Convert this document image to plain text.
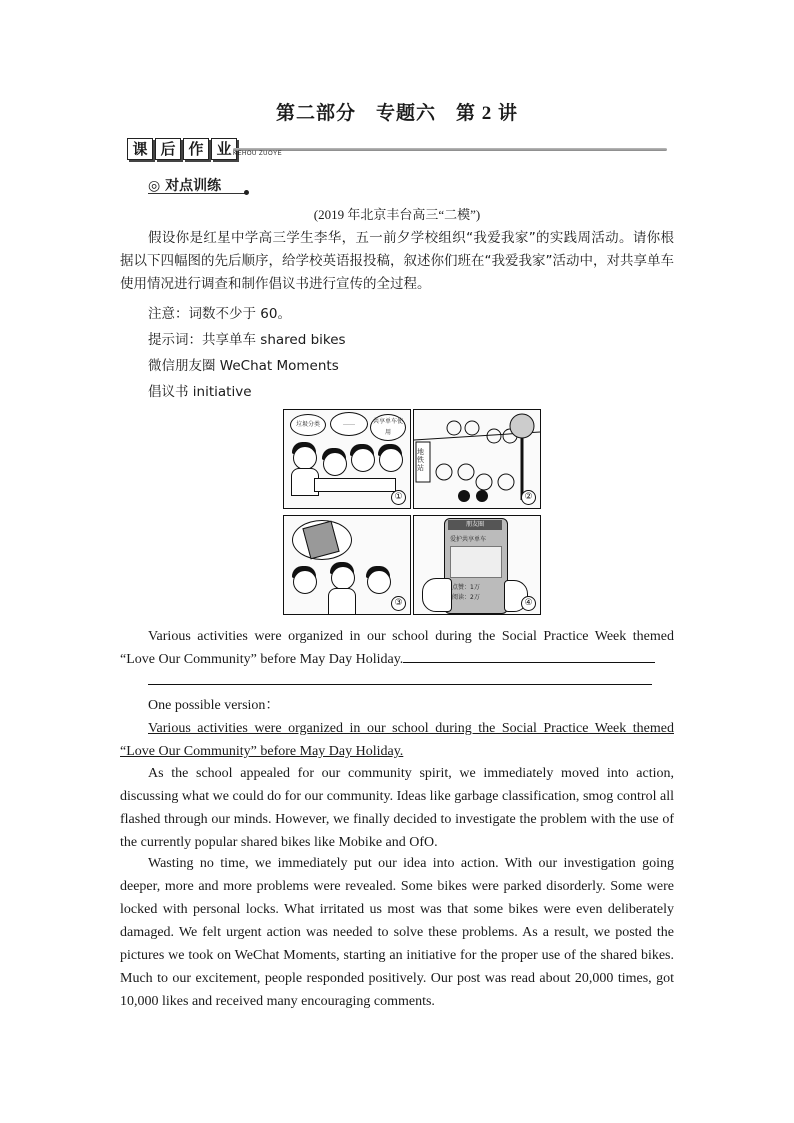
第二部分　专题六　第 2 讲
课 后 作 业 KEHOU ZUOYE
◎ 对点训练
(2019 年北京丰台高三“二模”)
假设你是红星中学高三学生李华，五一前夕学校组织“我爱我家”的实践周活动。请你根据以下四幅图的先后顺序，给学校英语报投稿，叙述你们班在“我爱我家”活动中，对共享单车使用情况进行调查和制作倡议书进行宣传的全过程。
注意：词数不少于 60。
提示词：共享单车 shared bikes
微信朋友圈 WeChat Moments
倡议书 initiative
垃圾分类	……	共享单车使用
①
地铁站
②
③
朋友圈
爱护共享单车
点赞：1万
阅读：2万
④
Various activities were organized in our school during the Social Practice Week themed “Love Our Community” before May Day Holiday.
One possible version：
Various activities were organized in our school during the Social Practice Week themed “Love Our Community” before May Day Holiday.
As the school appealed for our community spirit, we immediately moved into action, discussing what we could do for our community. Ideas like garbage classification, smog control all flashed through our minds. However, we finally decided to investigate the problem with the use of the currently popular shared bikes like Mobike and OfO.
Wasting no time, we immediately put our idea into action. With our investigation going deeper, more and more problems were revealed. Some bikes were parked disorderly. Some were locked with personal locks. What irritated us most was that some bikes were even deliberately damaged. We felt urgent action was needed to solve these problems. As a result, we posted the pictures we took on WeChat Moments, starting an initiative for the proper use of the shared bikes. Much to our excitement, people responded positively. Our post was read about 20,000 times, got 10,000 likes and received many encouraging comments.
